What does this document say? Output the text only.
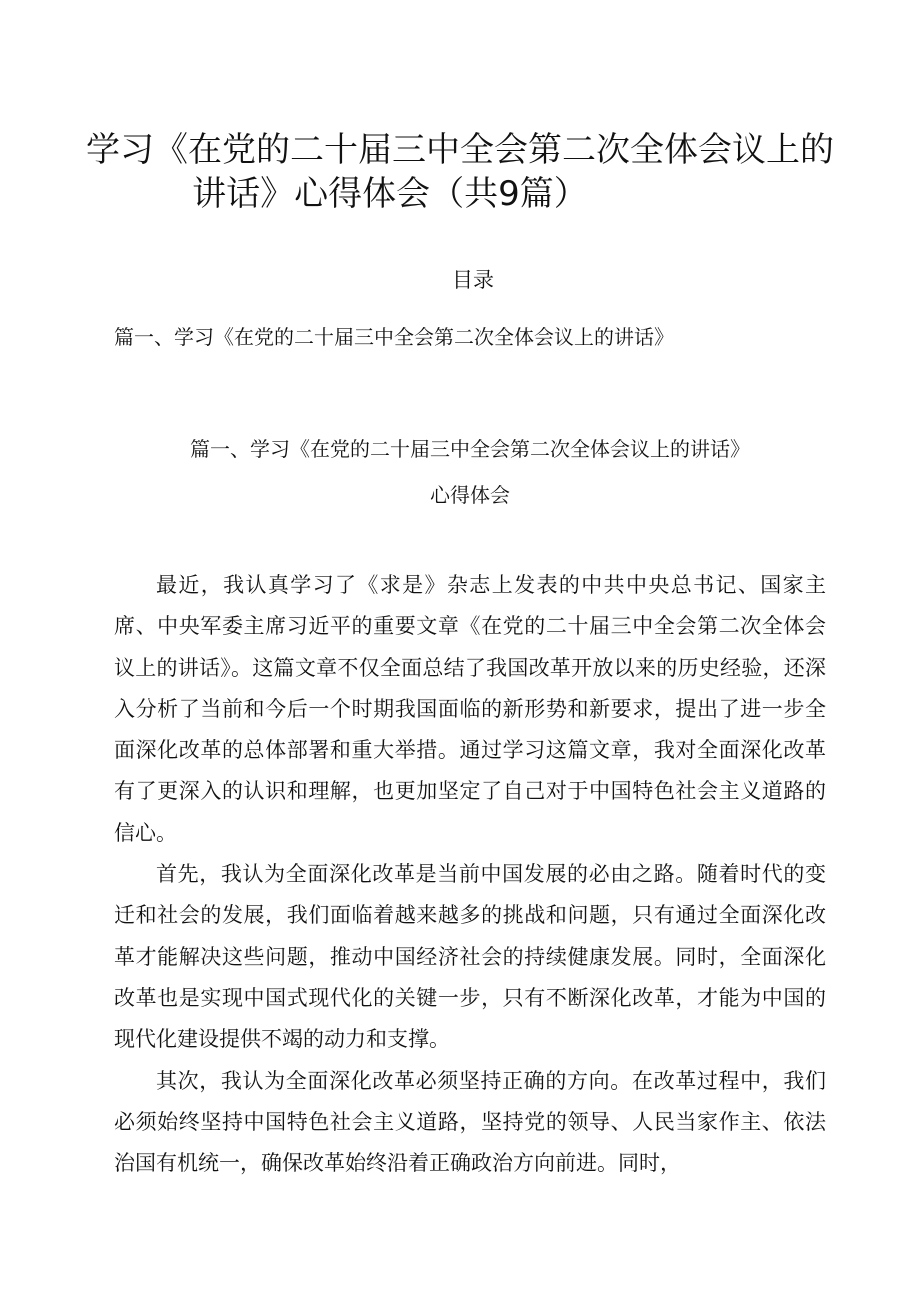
学习《在党的二十届三中全会第二次全体会议上的
讲话》心得体会（共9篇）
目录
篇一、学习《在党的二十届三中全会第二次全体会议上的讲话》
篇一、学习《在党的二十届三中全会第二次全体会议上的讲话》
心得体会

最近，我认真学习了《求是》杂志上发表的中共中央总书记、国家主席、中央军委主席习近平的重要文章《在党的二十届三中全会第二次全体会议上的讲话》。这篇文章不仅全面总结了我国改革开放以来的历史经验，还深入分析了当前和今后一个时期我国面临的新形势和新要求，提出了进一步全面深化改革的总体部署和重大举措。通过学习这篇文章，我对全面深化改革有了更深入的认识和理解，也更加坚定了自己对于中国特色社会主义道路的信心。

首先，我认为全面深化改革是当前中国发展的必由之路。随着时代的变迁和社会的发展，我们面临着越来越多的挑战和问题，只有通过全面深化改革才能解决这些问题，推动中国经济社会的持续健康发展。同时，全面深化改革也是实现中国式现代化的关键一步，只有不断深化改革，才能为中国的现代化建设提供不竭的动力和支撑。

其次，我认为全面深化改革必须坚持正确的方向。在改革过程中，我们必须始终坚持中国特色社会主义道路，坚持党的领导、人民当家作主、依法治国有机统一，确保改革始终沿着正确政治方向前进。同时，
